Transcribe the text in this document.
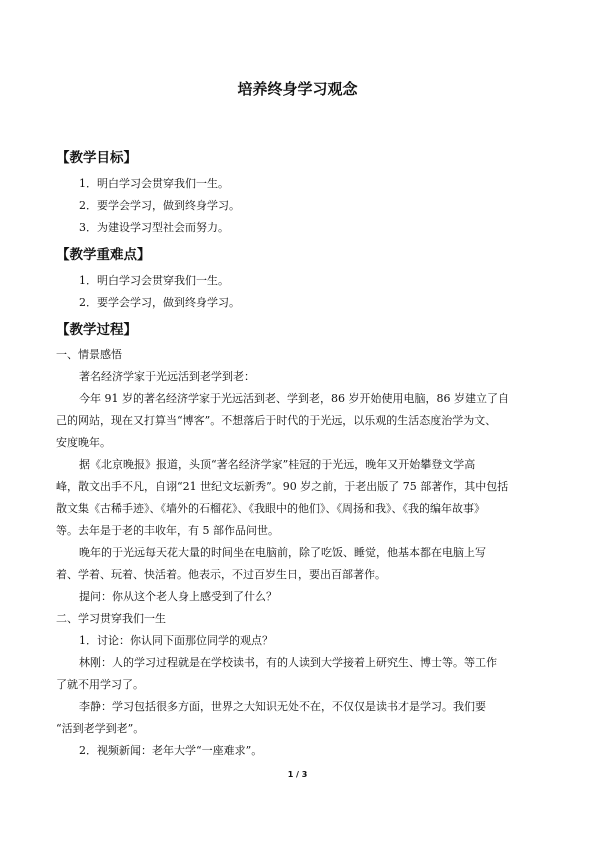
培养终身学习观念
【教学目标】
1．明白学习会贯穿我们一生。
2．要学会学习，做到终身学习。
3．为建设学习型社会而努力。
【教学重难点】
1．明白学习会贯穿我们一生。
2．要学会学习，做到终身学习。
【教学过程】
一、情景感悟
著名经济学家于光远活到老学到老：
今年 91 岁的著名经济学家于光远活到老、学到老，86 岁开始使用电脑，86 岁建立了自
己的网站，现在又打算当“博客”。不想落后于时代的于光远，以乐观的生活态度治学为文、
安度晚年。
据《北京晚报》报道，头顶“著名经济学家”桂冠的于光远，晚年又开始攀登文学高
峰，散文出手不凡，自诩“21 世纪文坛新秀”。90 岁之前，于老出版了 75 部著作，其中包括
散文集《古稀手迹》、《墙外的石榴花》、《我眼中的他们》、《周扬和我》、《我的编年故事》
等。去年是于老的丰收年，有 5 部作品问世。
晚年的于光远每天花大量的时间坐在电脑前，除了吃饭、睡觉，他基本都在电脑上写
着、学着、玩着、快活着。他表示，不过百岁生日，要出百部著作。
提问：你从这个老人身上感受到了什么？
二、学习贯穿我们一生
1．讨论：你认同下面那位同学的观点？
林刚：人的学习过程就是在学校读书，有的人读到大学接着上研究生、博士等。等工作
了就不用学习了。
李静：学习包括很多方面，世界之大知识无处不在，不仅仅是读书才是学习。我们要
“活到老学到老”。
2．视频新闻：老年大学“一座难求”。
1 / 3
